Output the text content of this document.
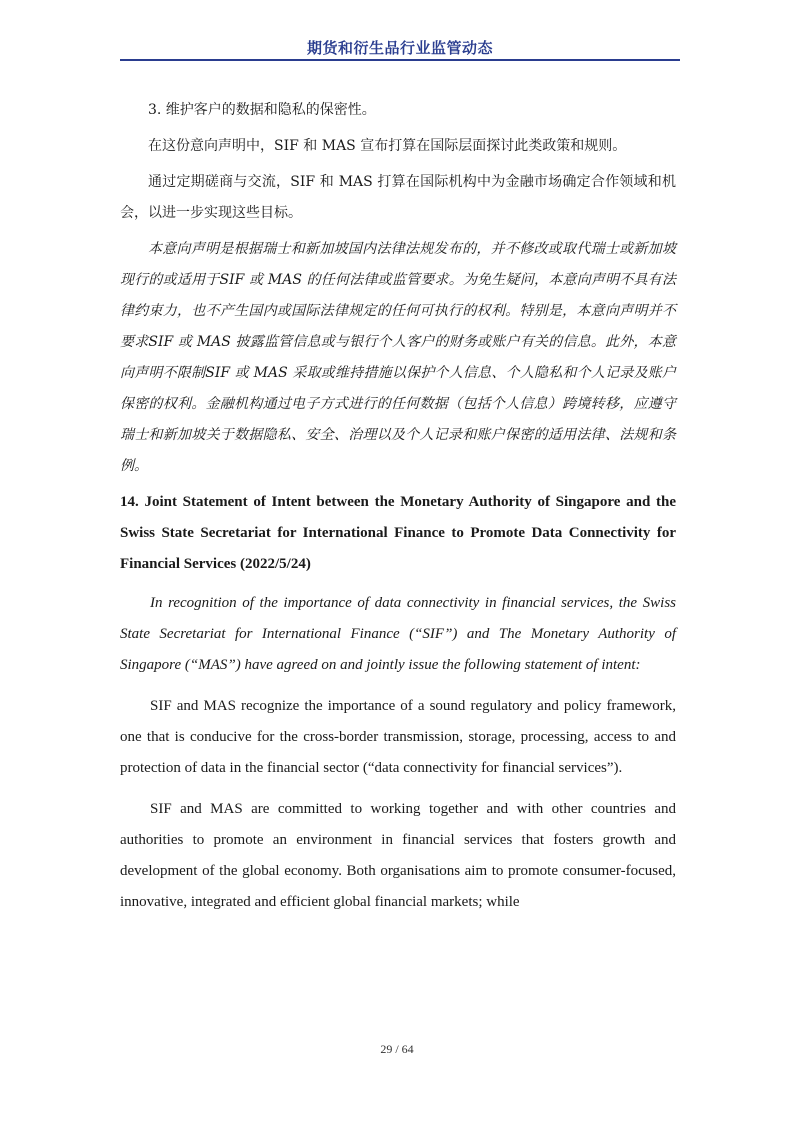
期货和衍生品行业监管动态

3. 维护客户的数据和隐私的保密性。

在这份意向声明中，SIF 和 MAS 宣布打算在国际层面探讨此类政策和规则。

通过定期磋商与交流，SIF 和 MAS 打算在国际机构中为金融市场确定合作领域和机会，以进一步实现这些目标。

本意向声明是根据瑞士和新加坡国内法律法规发布的，并不修改或取代瑞士或新加坡现行的或适用于SIF 或 MAS 的任何法律或监管要求。为免生疑问，本意向声明不具有法律约束力，也不产生国内或国际法律规定的任何可执行的权利。特别是，本意向声明并不要求SIF 或 MAS 披露监管信息或与银行个人客户的财务或账户有关的信息。此外，本意向声明不限制SIF 或 MAS 采取或维持措施以保护个人信息、个人隐私和个人记录及账户保密的权利。金融机构通过电子方式进行的任何数据（包括个人信息）跨境转移，应遵守瑞士和新加坡关于数据隐私、安全、治理以及个人记录和账户保密的适用法律、法规和条例。

14. Joint Statement of Intent between the Monetary Authority of Singapore and the Swiss State Secretariat for International Finance to Promote Data Connectivity for Financial Services (2022/5/24)

In recognition of the importance of data connectivity in financial services, the Swiss State Secretariat for International Finance (“SIF”) and The Monetary Authority of Singapore (“MAS”) have agreed on and jointly issue the following statement of intent:

SIF and MAS recognize the importance of a sound regulatory and policy framework, one that is conducive for the cross-border transmission, storage, processing, access to and protection of data in the financial sector (“data connectivity for financial services”).

SIF and MAS are committed to working together and with other countries and authorities to promote an environment in financial services that fosters growth and development of the global economy. Both organisations aim to promote consumer-focused, innovative, integrated and efficient global financial markets; while

29 / 64
